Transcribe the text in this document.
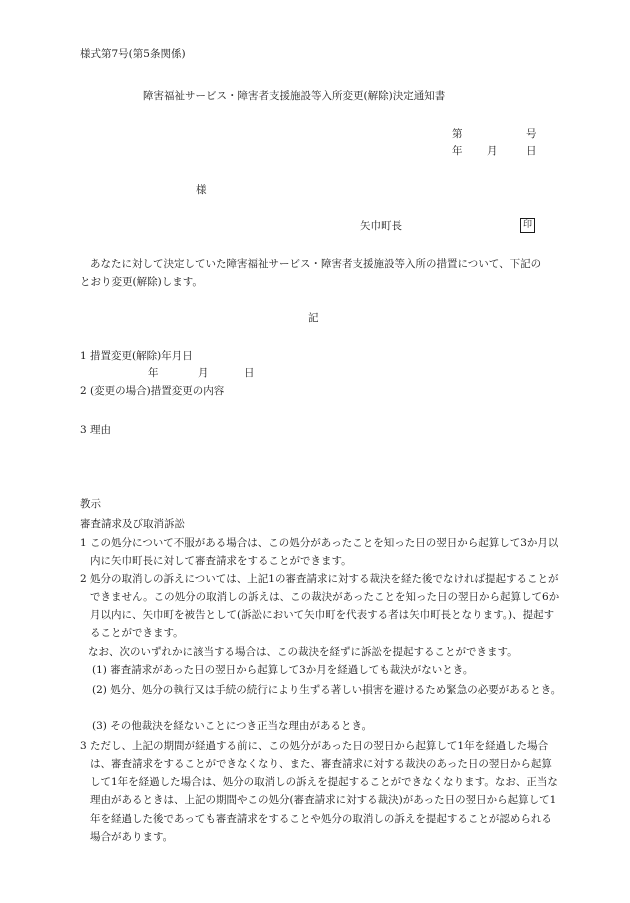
様式第7号(第5条関係)
障害福祉サービス・障害者支援施設等入所変更(解除)決定通知書
第	号
年 月	日
様
矢巾町長	印
あなたに対して決定していた障害福祉サービス・障害者支援施設等入所の措置について、下記のとおり変更(解除)します。
記
1 措置変更(解除)年月日
年	月	日
2 (変更の場合)措置変更の内容
3 理由
教示
審査請求及び取消訴訟
1 この処分について不服がある場合は、この処分があったことを知った日の翌日から起算して3か月以内に矢巾町長に対して審査請求をすることができます。
2 処分の取消しの訴えについては、上記1の審査請求に対する裁決を経た後でなければ提起することができません。この処分の取消しの訴えは、この裁決があったことを知った日の翌日から起算して6か月以内に、矢巾町を被告として(訴訟において矢巾町を代表する者は矢巾町長となります。)、提起することができます。
なお、次のいずれかに該当する場合は、この裁決を経ずに訴訟を提起することができます。
(1) 審査請求があった日の翌日から起算して3か月を経過しても裁決がないとき。
(2) 処分、処分の執行又は手続の続行により生ずる著しい損害を避けるため緊急の必要があるとき。
(3) その他裁決を経ないことにつき正当な理由があるとき。
3 ただし、上記の期間が経過する前に、この処分があった日の翌日から起算して1年を経過した場合は、審査請求をすることができなくなり、また、審査請求に対する裁決のあった日の翌日から起算して1年を経過した場合は、処分の取消しの訴えを提起することができなくなります。なお、正当な理由があるときは、上記の期間やこの処分(審査請求に対する裁決)があった日の翌日から起算して1年を経過した後であっても審査請求をすることや処分の取消しの訴えを提起することが認められる場合があります。
